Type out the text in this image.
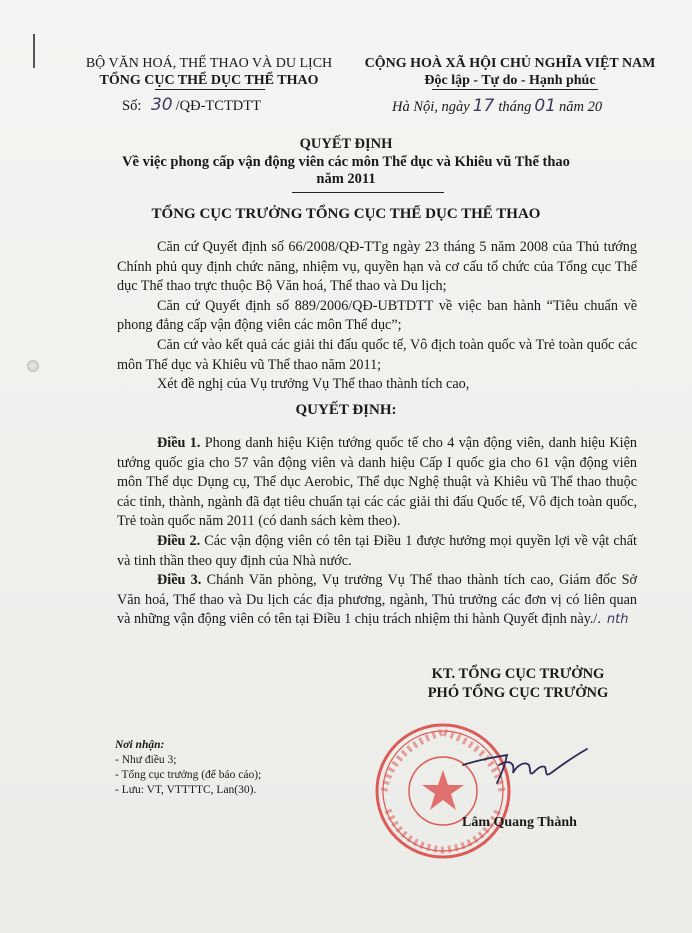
BỘ VĂN HOÁ, THỂ THAO VÀ DU LỊCH
TỔNG CỤC THỂ DỤC THỂ THAO
Số: 30 /QĐ-TCTDTT
CỘNG HOÀ XÃ HỘI CHỦ NGHĨA VIỆT NAM
Độc lập - Tự do - Hạnh phúc
Hà Nội, ngày 17 tháng 01 năm 20
QUYẾT ĐỊNH
Về việc phong cấp vận động viên các môn Thể dục và Khiêu vũ Thể thao
năm 2011
TỔNG CỤC TRƯỞNG TỔNG CỤC THỂ DỤC THỂ THAO

Căn cứ Quyết định số 66/2008/QĐ-TTg ngày 23 tháng 5 năm 2008 của Thủ tướng Chính phủ quy định chức năng, nhiệm vụ, quyền hạn và cơ cấu tổ chức của Tổng cục Thể dục Thể thao trực thuộc Bộ Văn hoá, Thể thao và Du lịch;

Căn cứ Quyết định số 889/2006/QĐ-UBTDTT về việc ban hành “Tiêu chuẩn về phong đẳng cấp vận động viên các môn Thể dục”;

Căn cứ vào kết quả các giải thi đấu quốc tế, Vô địch toàn quốc và Trẻ toàn quốc các môn Thể dục và Khiêu vũ Thể thao năm 2011;

Xét đề nghị của Vụ trưởng Vụ Thể thao thành tích cao,

QUYẾT ĐỊNH:

Điều 1. Phong danh hiệu Kiện tướng quốc tế cho 4 vận động viên, danh hiệu Kiện tướng quốc gia cho 57 vân động viên và danh hiệu Cấp I quốc gia cho 61 vận động viên môn Thể dục Dụng cụ, Thể dục Aerobic, Thể dục Nghệ thuật và Khiêu vũ Thể thao thuộc các tỉnh, thành, ngành đã đạt tiêu chuẩn tại các các giải thi đấu Quốc tế, Vô địch toàn quốc, Trẻ toàn quốc năm 2011 (có danh sách kèm theo).

Điều 2. Các vận động viên có tên tại Điều 1 được hưởng mọi quyền lợi về vật chất và tinh thần theo quy định của Nhà nước.

Điều 3. Chánh Văn phòng, Vụ trưởng Vụ Thể thao thành tích cao, Giám đốc Sở Văn hoá, Thể thao và Du lịch các địa phương, ngành, Thủ trưởng các đơn vị có liên quan và những vận động viên có tên tại Điều 1 chịu trách nhiệm thi hành Quyết định này./. nth

KT. TỔNG CỤC TRƯỞNG
PHÓ TỔNG CỤC TRƯỞNG
Lâm Quang Thành
Nơi nhận:
- Như điều 3;
- Tổng cục trưởng (để báo cáo);
- Lưu: VT, VTTTTC, Lan(30).
